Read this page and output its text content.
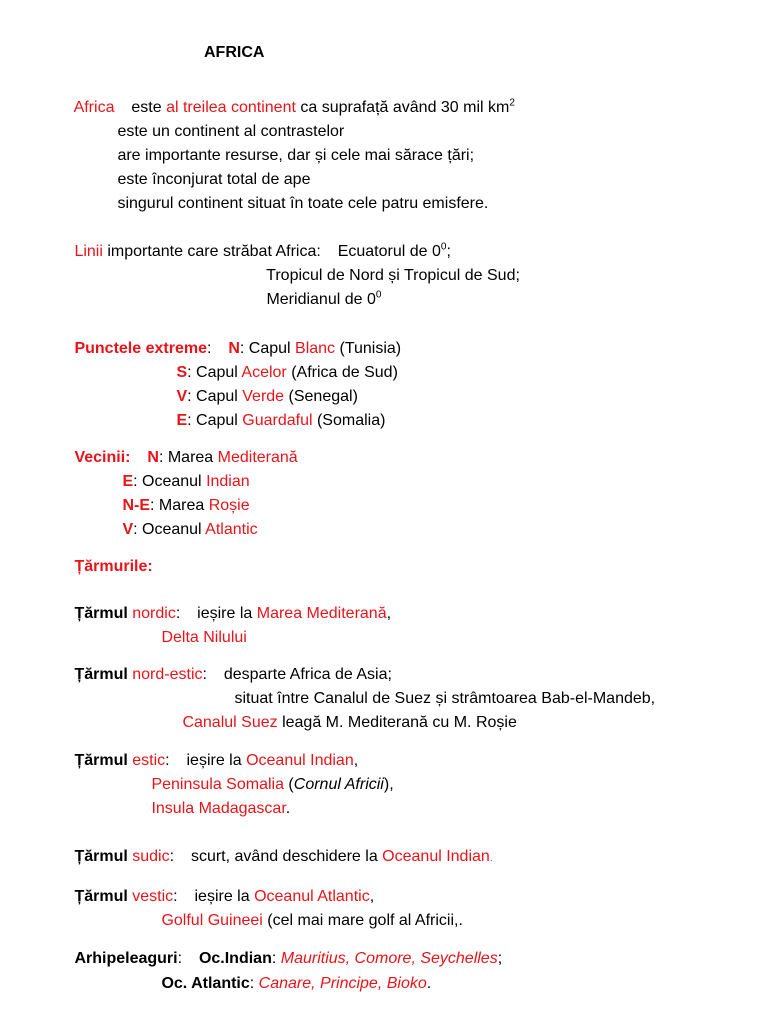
AFRICA
Africa  este al treilea continent ca suprafață având 30 mil $km^2$
este un continent al contrastelor
are importante resurse, dar și cele mai sărace țări;
este înconjurat total de ape
singurul continent situat în toate cele patru emisfere.
Linii importante care străbat Africa:  Ecuatorul de $0^0$;
Tropicul de Nord și Tropicul de Sud;
Meridianul de $0^0$
Punctele extreme:  N: Capul Blanc (Tunisia)
S: Capul Acelor (Africa de Sud)
V: Capul Verde (Senegal)
E: Capul Guardaful (Somalia)
Vecinii: N: Marea Mediterană
E: Oceanul Indian
N-E: Marea Roșie
V: Oceanul Atlantic
Țărmurile:
Țărmul nordic:  ieșire la Marea Mediterană,
Delta Nilului
Țărmul nord-estic:  desparte Africa de Asia;
situat între Canalul de Suez și strâmtoarea Bab-el-Mandeb,
Canalul Suez leagă M. Mediterană cu M. Roșie
Țărmul estic:  ieșire la Oceanul Indian,
Peninsula Somalia (Cornul Africii),
Insula Madagascar.
Țărmul sudic:  scurt, având deschidere la Oceanul Indian.
Țărmul vestic:  ieșire la Oceanul Atlantic,
Golful Guineei (cel mai mare golf al Africii,.
Arhipeleaguri:  Oc.Indian: Mauritius, Comore, Seychelles;
Oc. Atlantic: Canare, Principe, Bioko.
